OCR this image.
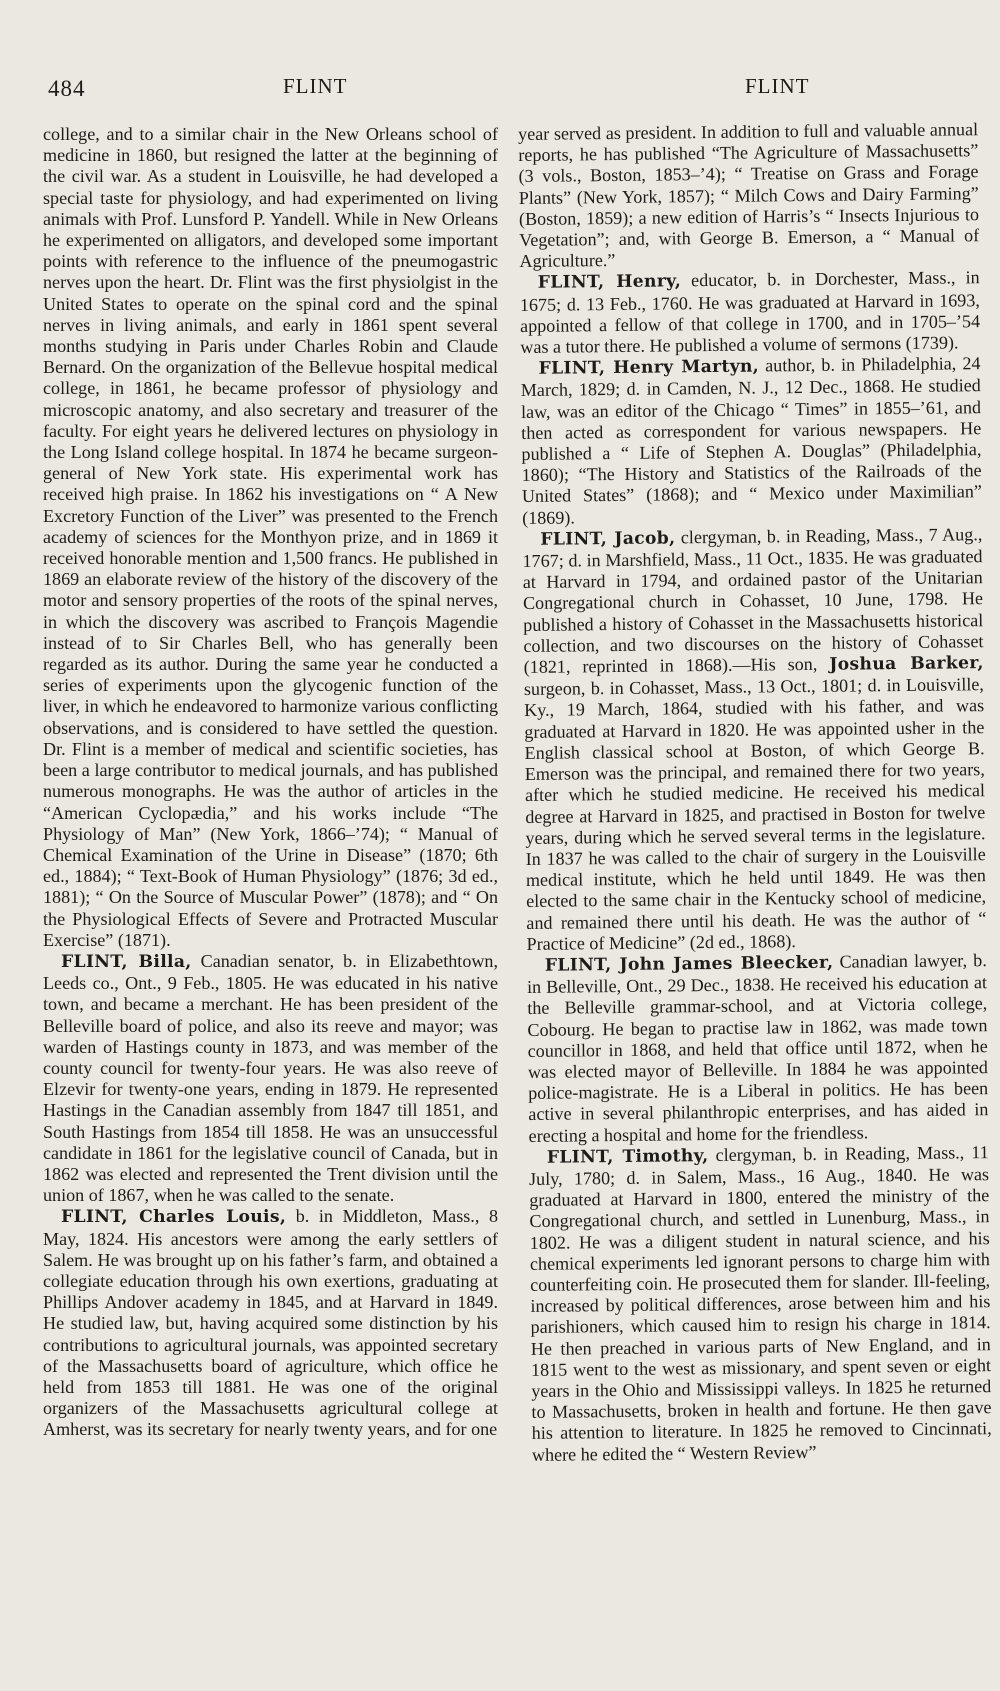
484	FLINT	FLINT

college, and to a similar chair in the New Orleans school of medicine in 1860, but resigned the latter at the beginning of the civil war. As a student in Louisville, he had developed a special taste for physiology, and had experimented on living animals with Prof. Lunsford P. Yandell. While in New Orleans he experimented on alligators, and developed some important points with reference to the influence of the pneumogastric nerves upon the heart. Dr. Flint was the first physiolgist in the United States to operate on the spinal cord and the spinal nerves in living animals, and early in 1861 spent several months studying in Paris under Charles Robin and Claude Bernard. On the organization of the Bellevue hospital medical college, in 1861, he became professor of physiology and microscopic anatomy, and also secretary and treasurer of the faculty. For eight years he delivered lectures on physiology in the Long Island college hospital. In 1874 he became surgeon-general of New York state. His experimental work has received high praise. In 1862 his investigations on “ A New Excretory Function of the Liver” was presented to the French academy of sciences for the Monthyon prize, and in 1869 it received honorable mention and 1,500 francs. He published in 1869 an elaborate review of the history of the discovery of the motor and sensory properties of the roots of the spinal nerves, in which the discovery was ascribed to François Magendie instead of to Sir Charles Bell, who has generally been regarded as its author. During the same year he conducted a series of experiments upon the glycogenic function of the liver, in which he endeavored to harmonize various conflicting observations, and is considered to have settled the question. Dr. Flint is a member of medical and scientific societies, has been a large contributor to medical journals, and has published numerous monographs. He was the author of articles in the “American Cyclopædia,” and his works include “The Physiology of Man” (New York, 1866–’74); “ Manual of Chemical Examination of the Urine in Disease” (1870; 6th ed., 1884); “ Text-Book of Human Physiology” (1876; 3d ed., 1881); “ On the Source of Muscular Power” (1878); and “ On the Physiological Effects of Severe and Protracted Muscular Exercise” (1871).

FLINT, Billa, Canadian senator, b. in Elizabethtown, Leeds co., Ont., 9 Feb., 1805. He was educated in his native town, and became a merchant. He has been president of the Belleville board of police, and also its reeve and mayor; was warden of Hastings county in 1873, and was member of the county council for twenty-four years. He was also reeve of Elzevir for twenty-one years, ending in 1879. He represented Hastings in the Canadian assembly from 1847 till 1851, and South Hastings from 1854 till 1858. He was an unsuccessful candidate in 1861 for the legislative council of Canada, but in 1862 was elected and represented the Trent division until the union of 1867, when he was called to the senate.

FLINT, Charles Louis, b. in Middleton, Mass., 8 May, 1824. His ancestors were among the early settlers of Salem. He was brought up on his father’s farm, and obtained a collegiate education through his own exertions, graduating at Phillips Andover academy in 1845, and at Harvard in 1849. He studied law, but, having acquired some distinction by his contributions to agricultural journals, was appointed secretary of the Massachusetts board of agriculture, which office he held from 1853 till 1881. He was one of the original organizers of the Massachusetts agricultural college at Amherst, was its secretary for nearly twenty years, and for one

year served as president. In addition to full and valuable annual reports, he has published “The Agriculture of Massachusetts” (3 vols., Boston, 1853–’4); “ Treatise on Grass and Forage Plants” (New York, 1857); “ Milch Cows and Dairy Farming” (Boston, 1859); a new edition of Harris’s “ Insects Injurious to Vegetation”; and, with George B. Emerson, a “ Manual of Agriculture.”

FLINT, Henry, educator, b. in Dorchester, Mass., in 1675; d. 13 Feb., 1760. He was graduated at Harvard in 1693, appointed a fellow of that college in 1700, and in 1705–’54 was a tutor there. He published a volume of sermons (1739).

FLINT, Henry Martyn, author, b. in Philadelphia, 24 March, 1829; d. in Camden, N. J., 12 Dec., 1868. He studied law, was an editor of the Chicago “ Times” in 1855–’61, and then acted as correspondent for various newspapers. He published a “ Life of Stephen A. Douglas” (Philadelphia, 1860); “The History and Statistics of the Railroads of the United States” (1868); and “ Mexico under Maximilian” (1869).

FLINT, Jacob, clergyman, b. in Reading, Mass., 7 Aug., 1767; d. in Marshfield, Mass., 11 Oct., 1835. He was graduated at Harvard in 1794, and ordained pastor of the Unitarian Congregational church in Cohasset, 10 June, 1798. He published a history of Cohasset in the Massachusetts historical collection, and two discourses on the history of Cohasset (1821, reprinted in 1868).—His son, Joshua Barker, surgeon, b. in Cohasset, Mass., 13 Oct., 1801; d. in Louisville, Ky., 19 March, 1864, studied with his father, and was graduated at Harvard in 1820. He was appointed usher in the English classical school at Boston, of which George B. Emerson was the principal, and remained there for two years, after which he studied medicine. He received his medical degree at Harvard in 1825, and practised in Boston for twelve years, during which he served several terms in the legislature. In 1837 he was called to the chair of surgery in the Louisville medical institute, which he held until 1849. He was then elected to the same chair in the Kentucky school of medicine, and remained there until his death. He was the author of “ Practice of Medicine” (2d ed., 1868).

FLINT, John James Bleecker, Canadian lawyer, b. in Belleville, Ont., 29 Dec., 1838. He received his education at the Belleville grammar-school, and at Victoria college, Cobourg. He began to practise law in 1862, was made town councillor in 1868, and held that office until 1872, when he was elected mayor of Belleville. In 1884 he was appointed police-magistrate. He is a Liberal in politics. He has been active in several philanthropic enterprises, and has aided in erecting a hospital and home for the friendless.

FLINT, Timothy, clergyman, b. in Reading, Mass., 11 July, 1780; d. in Salem, Mass., 16 Aug., 1840. He was graduated at Harvard in 1800, entered the ministry of the Congregational church, and settled in Lunenburg, Mass., in 1802. He was a diligent student in natural science, and his chemical experiments led ignorant persons to charge him with counterfeiting coin. He prosecuted them for slander. Ill-feeling, increased by political differences, arose between him and his parishioners, which caused him to resign his charge in 1814. He then preached in various parts of New England, and in 1815 went to the west as missionary, and spent seven or eight years in the Ohio and Mississippi valleys. In 1825 he returned to Massachusetts, broken in health and fortune. He then gave his attention to literature. In 1825 he removed to Cincinnati, where he edited the “ Western Review”
